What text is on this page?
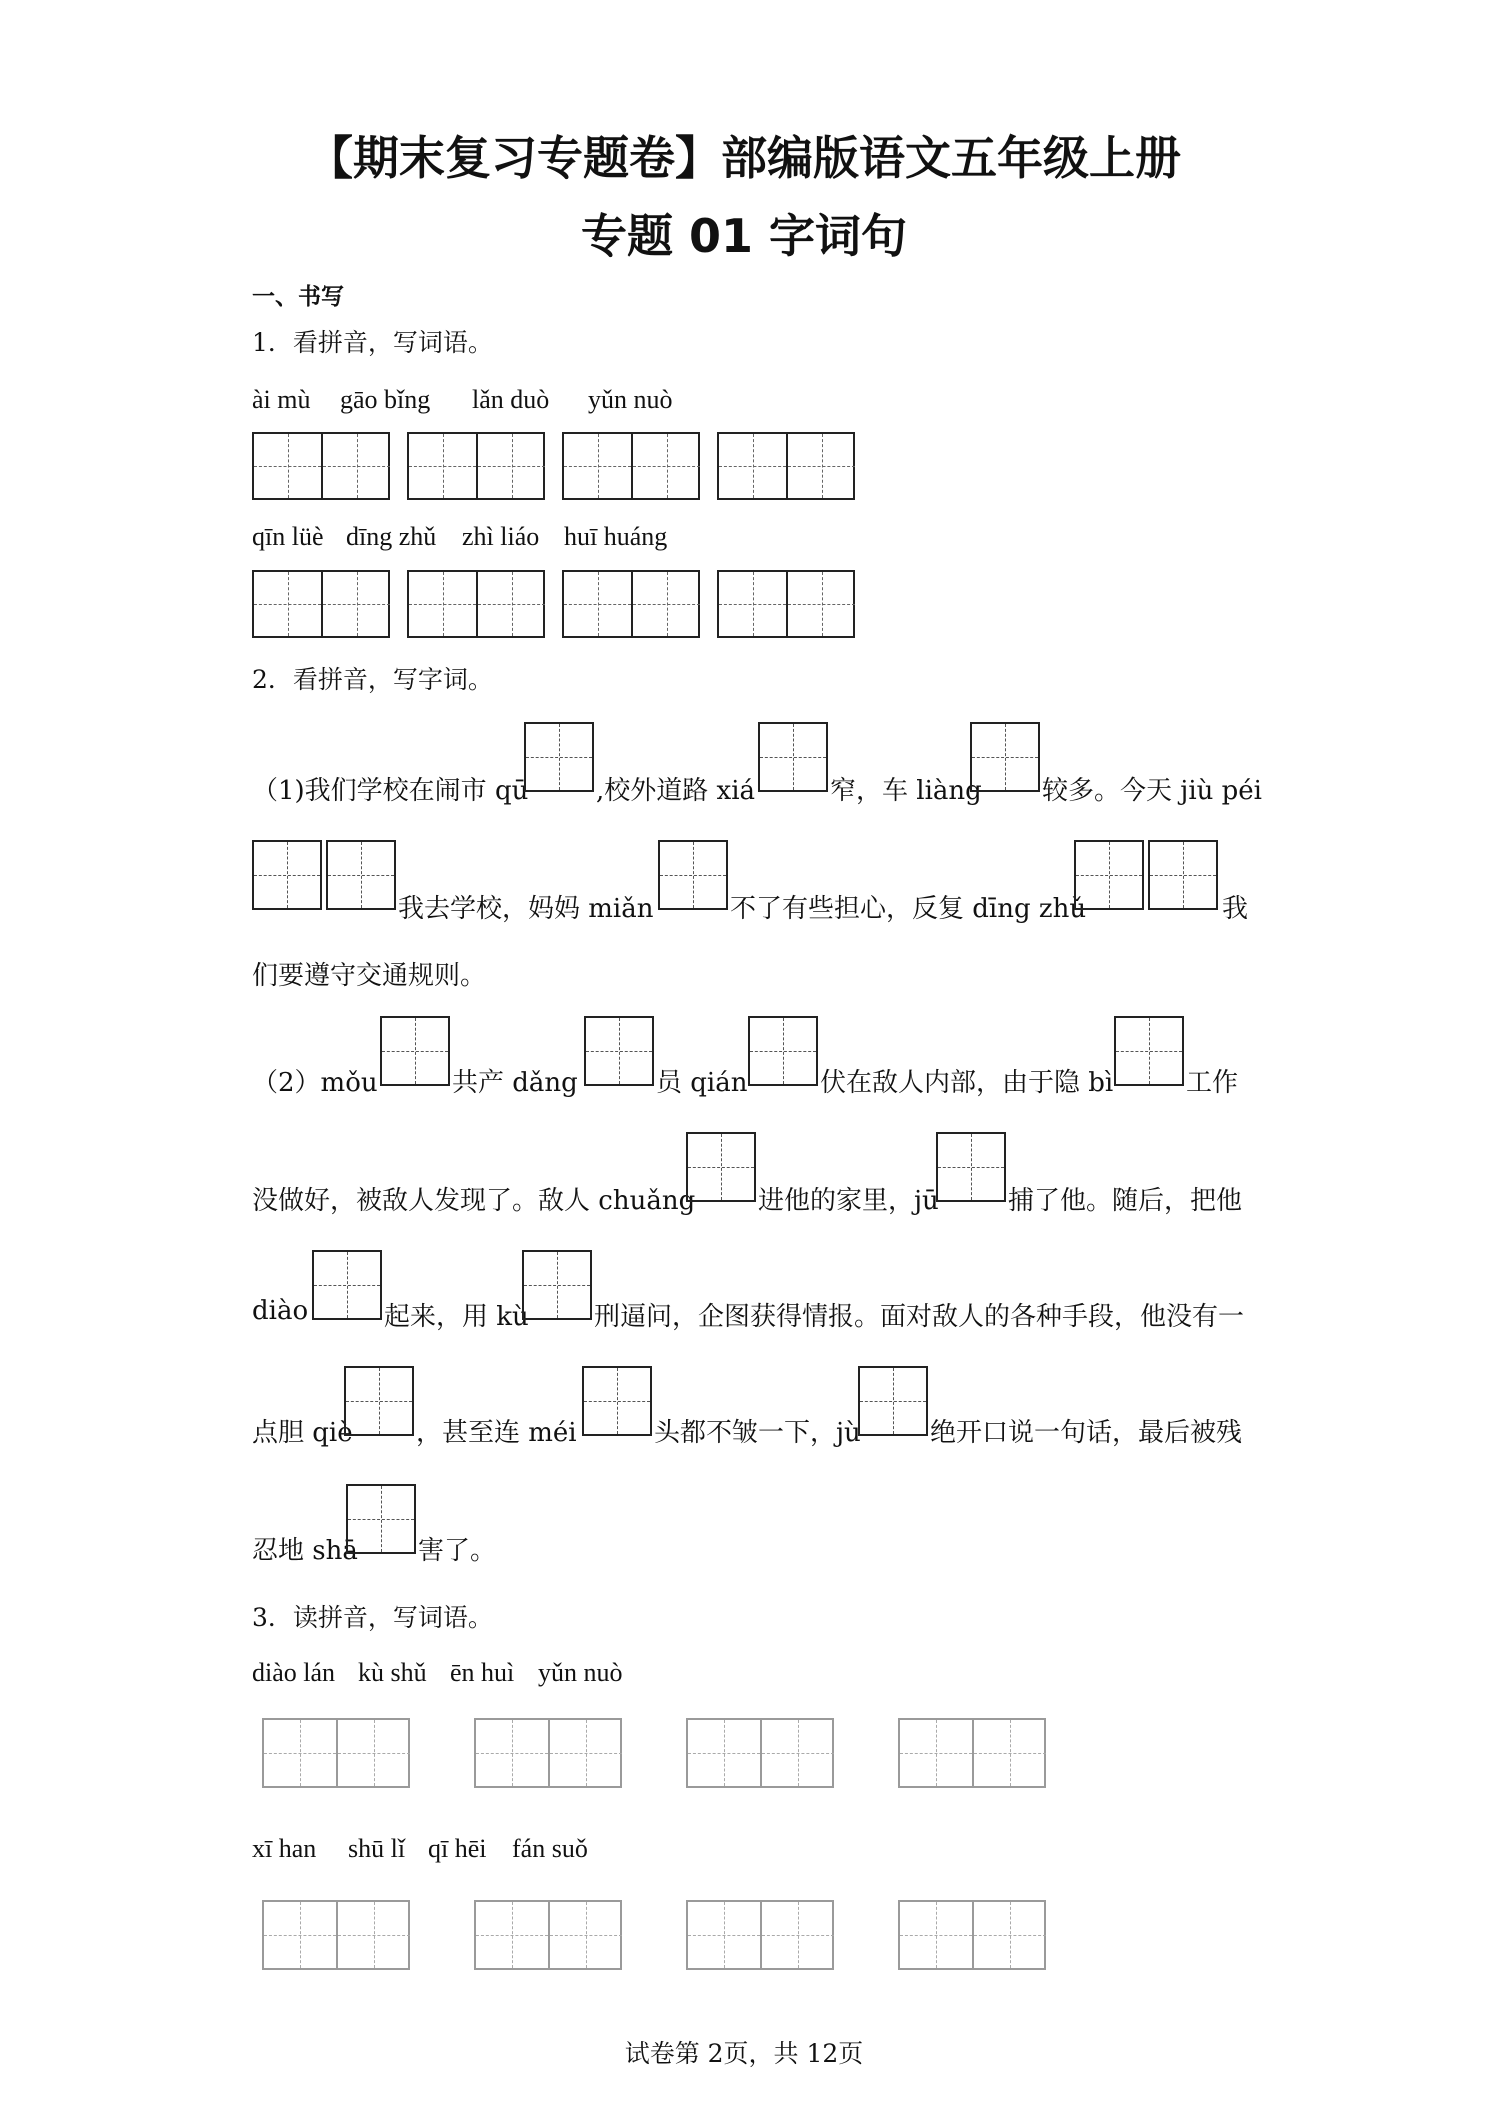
【期末复习专题卷】部编版语文五年级上册
专题 01 字词句
一、书写
1．看拼音，写词语。
ài mù gāo bǐng lǎn duò yǔn nuò
qīn lüè dīng zhǔ zhì liáo huī huáng
2．看拼音，写字词。
（1)我们学校在闹市 qū	,校外道路 xiá	窄，车 liàng 较多。今天 jiù péi
我去学校，妈妈 miǎn	不了有些担心，反复 dīng zhǔ	我
们要遵守交通规则。
（2）mǒu	共产 dǎng	员 qián	伏在敌人内部，由于隐 bì	工作
没做好，被敌人发现了。敌人 chuǎng 进他的家里，jū	捕了他。随后，把他
diào	起来，用 kù	刑逼问，企图获得情报。面对敌人的各种手段，他没有一
点胆 qiè ，甚至连 méi	头都不皱一下，jù	绝开口说一句话，最后被残
忍地 shā 害了。
3．读拼音，写词语。
diào lán kù shǔ ēn huì yǔn nuò
xī han shū lǐ qī hēi fán suǒ
试卷第 2页，共 12页
